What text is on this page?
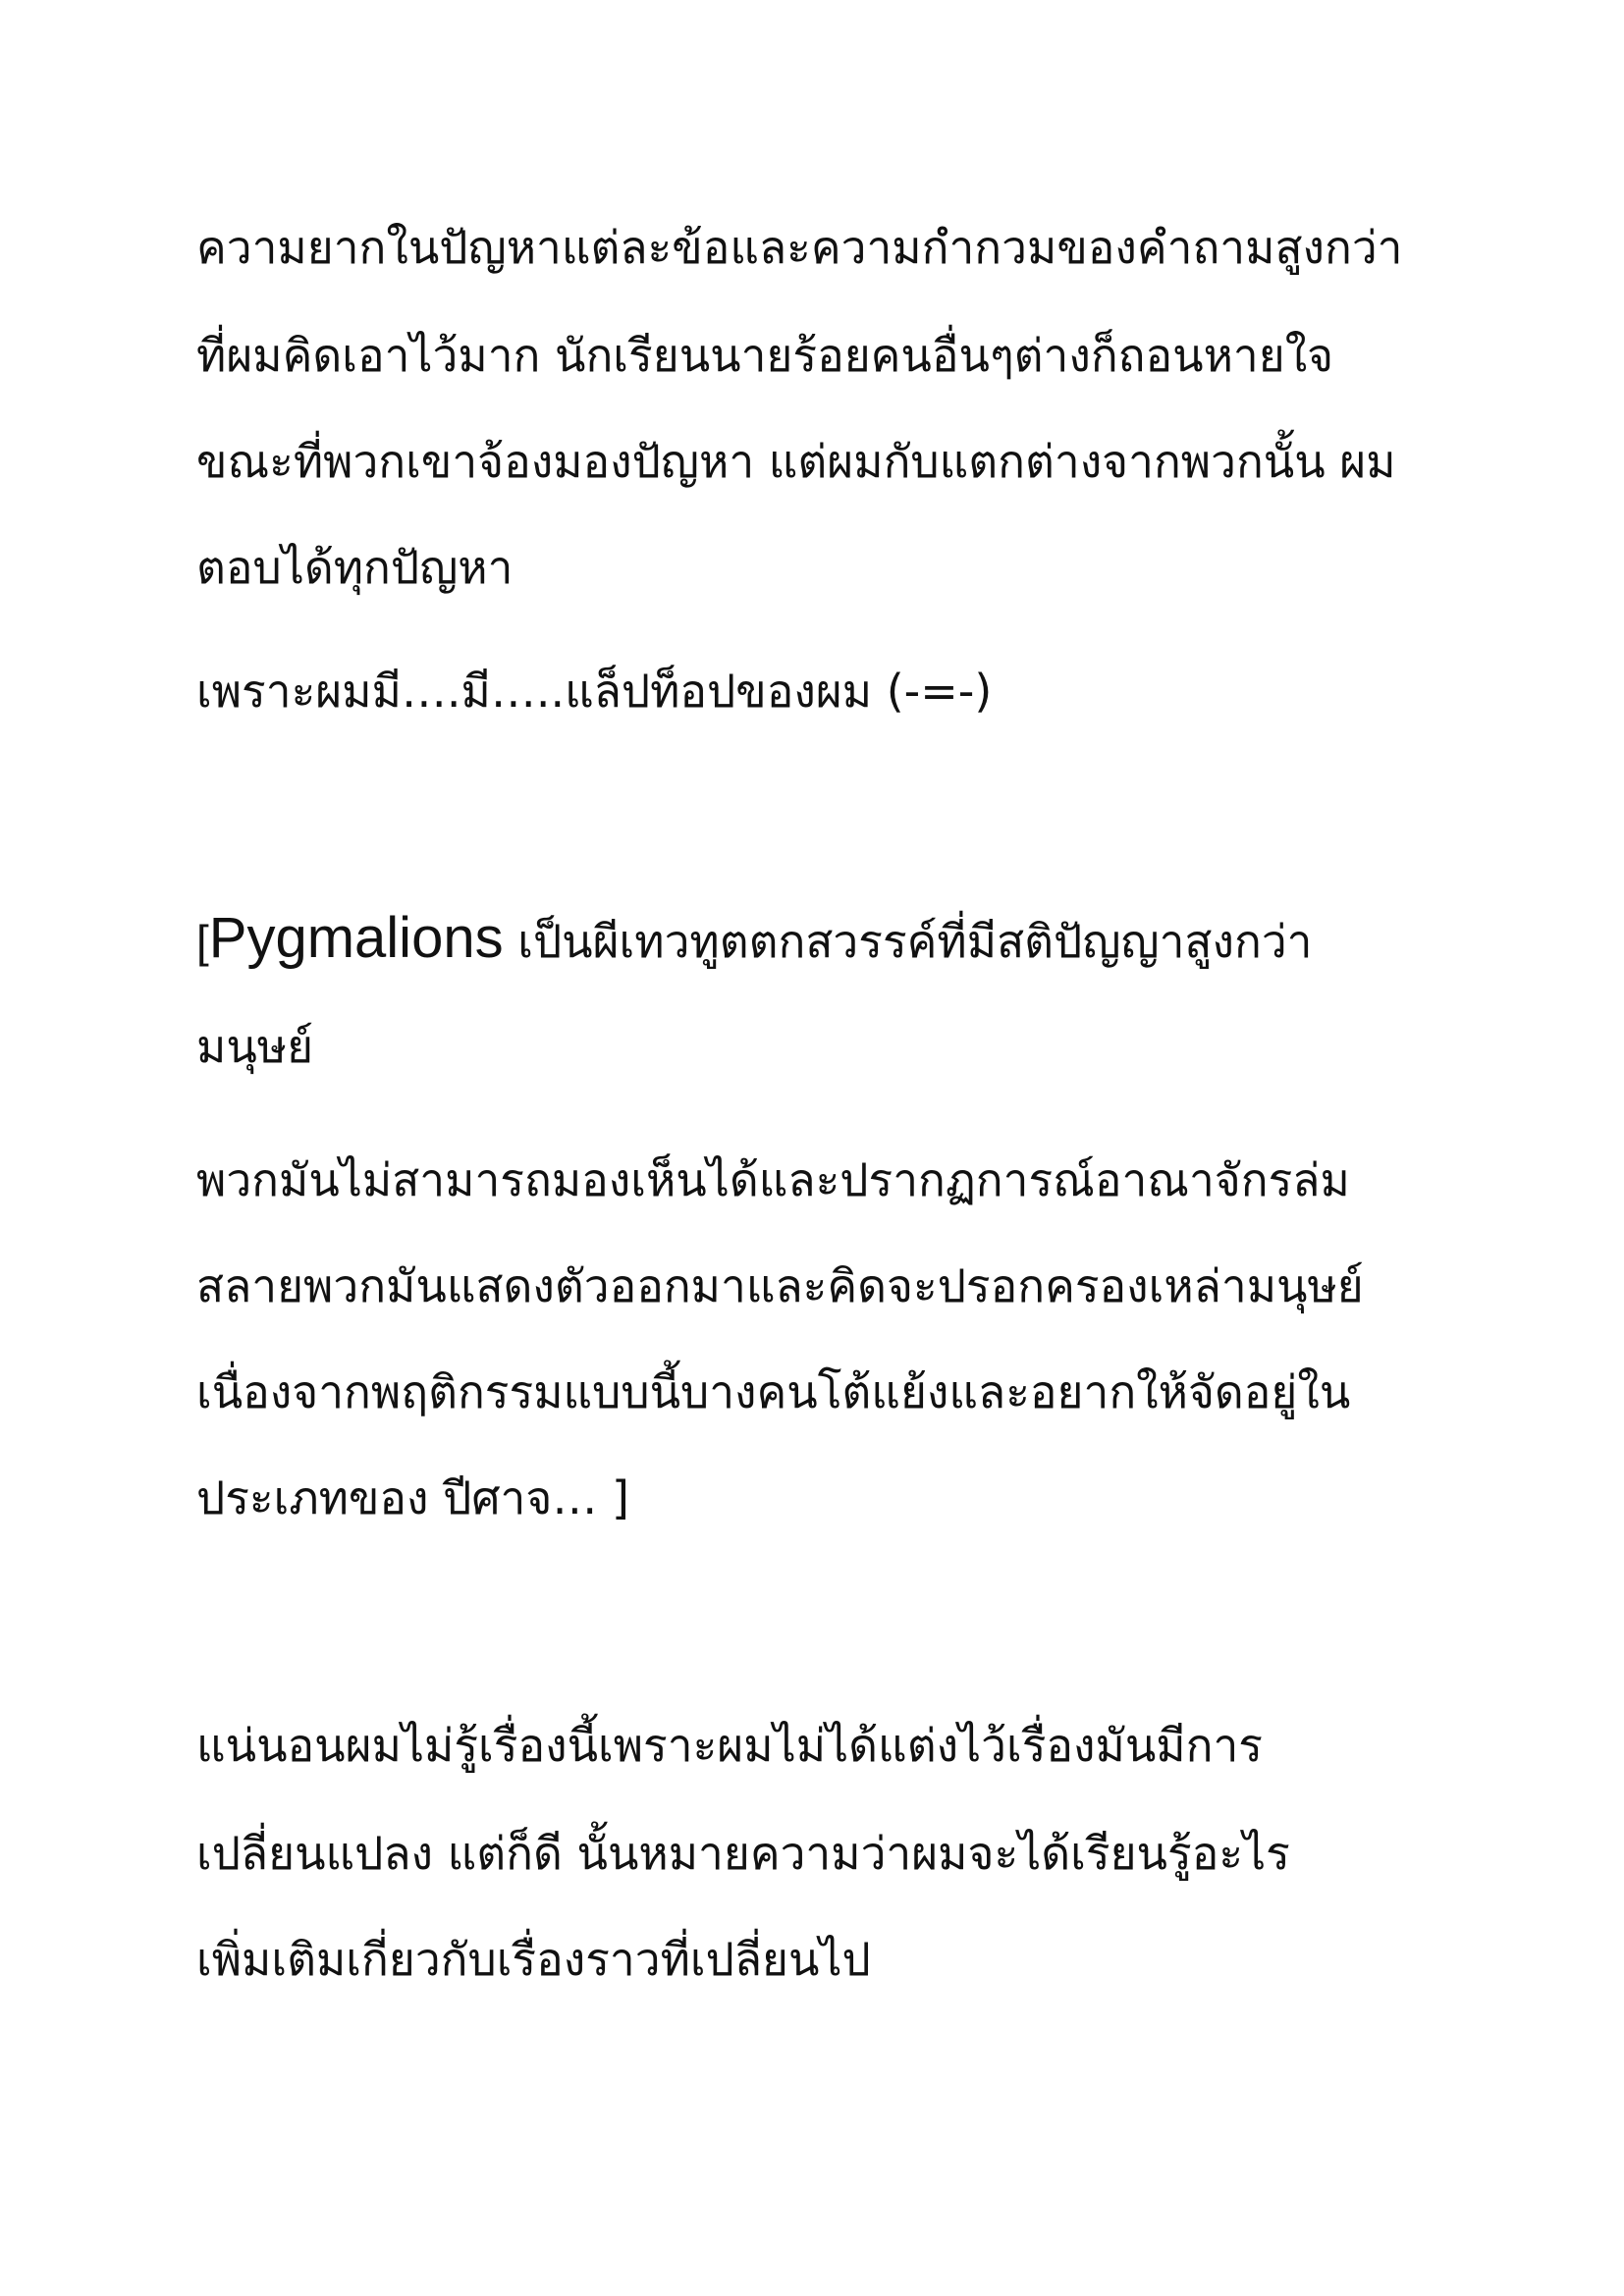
ความยากในปัญหาแต่ละข้อและความกำกวมของคำถามสูงกว่า
ที่ผมคิดเอาไว้มาก นักเรียนนายร้อยคนอื่นๆต่างก็ถอนหายใจ
ขณะที่พวกเขาจ้องมองปัญหา แต่ผมกับแตกต่างจากพวกนั้น ผม
ตอบได้ทุกปัญหา
เพราะผมมี….มี…..แล็ปท็อปของผม (-=-)
[Pygmalions เป็นผีเทวทูตตกสวรรค์ที่มีสติปัญญาสูงกว่า
มนุษย์
พวกมันไม่สามารถมองเห็นได้และปรากฏการณ์อาณาจักรล่ม
สลายพวกมันแสดงตัวออกมาและคิดจะปรอกครองเหล่ามนุษย์
เนื่องจากพฤติกรรมแบบนี้บางคนโต้แย้งและอยากให้จัดอยู่ใน
ประเภทของ ปีศาจ… ]
แน่นอนผมไม่รู้เรื่องนี้เพราะผมไม่ได้แต่งไว้เรื่องมันมีการ
เปลี่ยนแปลง แต่ก็ดี นั้นหมายความว่าผมจะได้เรียนรู้อะไร
เพิ่มเติมเกี่ยวกับเรื่องราวที่เปลี่ยนไป
